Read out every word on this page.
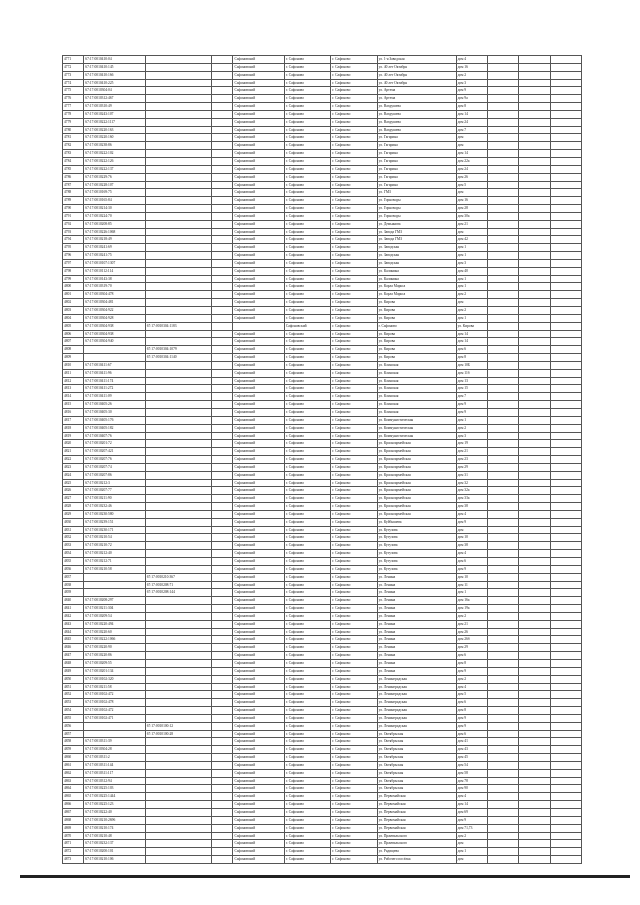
4771	67:17:0010410:04			Сафоновский	г. Сафоново	г. Сафоново	ул. 1-я Заводская	дом 4			
4772	67:17:0010410:145			Сафоновский	г. Сафоново	г. Сафоново	ул. 40 лет Октября	дом 16			
4773	67:17:0010410:166			Сафоновский	г. Сафоново	г. Сафоново	ул. 40 лет Октября	дом 2			
4774	67:17:0010410:225			Сафоновский	г. Сафоново	г. Сафоново	ул. 40 лет Октября	дом 3			
4775	67:17:0010304:04			Сафоновский	г. Сафоново	г. Сафоново	ул. Артема	дом 9			
4776	67:17:0010312:467			Сафоновский	г. Сафоново	г. Сафоново	ул. Артема	дом 9а			
4777	67:17:0010310:49			Сафоновский	г. Сафоново	г. Сафоново	ул. Вахрушева	дом 8			
4778	67:17:0010243:107			Сафоновский	г. Сафоново	г. Сафоново	ул. Вахрушева	дом 14			
4779	67:17:0010222:1117			Сафоновский	г. Сафоново	г. Сафоново	ул. Вахрушева	дом 24			
4780	67:17:0010220:163			Сафоновский	г. Сафоново	г. Сафоново	ул. Вахрушева	дом 7			
4781	67:17:0010220:160			Сафоновский	г. Сафоново	г. Сафоново	ул. Гагарина	дом			
4782	67:17:0010238:86			Сафоновский	г. Сафоново	г. Сафоново	ул. Гагарина	дом			
4783	67:17:0010222:102			Сафоновский	г. Сафоново	г. Сафоново	ул. Гагарина	дом 14			
4784	67:17:0010222:126			Сафоновский	г. Сафоново	г. Сафоново	ул. Гагарина	дом 22а			
4785	67:17:0010222:137			Сафоновский	г. Сафоново	г. Сафоново	ул. Гагарина	дом 24			
4786	67:17:0010229:76			Сафоновский	г. Сафоново	г. Сафоново	ул. Гагарина	дом 26			
4787	67:17:0010228:107			Сафоновский	г. Сафоново	г. Сафоново	ул. Гагарина	дом 5			
4788	67:17:0010169:75			Сафоновский	г. Сафоново	г. Сафоново	ул. ГМЗ	дом			
4789	67:17:0010165:84			Сафоновский	г. Сафоново	г. Сафоново	ул. Горноводы	дом 16			
4790	67:17:0010214:30			Сафоновский	г. Сафоново	г. Сафоново	ул. Горноводы	дом 28			
4791	67:17:0010224:70			Сафоновский	г. Сафоново	г. Сафоново	ул. Горноводы	дом 30а			
4792	67:17:0010208:85			Сафоновский	г. Сафоново	г. Сафоново	ул. Демьянова	дом 21			
4793	67:17:0010226:1068			Сафоновский	г. Сафоново	г. Сафоново	ул. Завода ГМЗ	дом			
4794	67:17:0010218:49			Сафоновский	г. Сафоново	г. Сафоново	ул. Завода ГМЗ	дом 42			
4795	67:17:0010241:69			Сафоновский	г. Сафоново	г. Сафоново	ул. Заводская	дом 1			
4796	67:17:0010241:75			Сафоновский	г. Сафоново	г. Сафоново	ул. Заводская	дом 1			
4797	67:17:0010107:1307			Сафоновский	г. Сафоново	г. Сафоново	ул. Заводская	дом 3			
4798	67:17:0010112:114			Сафоновский	г. Сафоново	г. Сафоново	ул. Калинина	дом 40			
4799	67:17:0010143:38			Сафоновский	г. Сафоново	г. Сафоново	ул. Калинина	дом 1			
4800	67:17:0010319:70			Сафоновский	г. Сафоново	г. Сафоново	ул. Карла Маркса	дом 1			
4801	67:17:0010304:478			Сафоновский	г. Сафоново	г. Сафоново	ул. Карла Маркса	дом 2			
4802	67:17:0010304:481			Сафоновский	г. Сафоново	г. Сафоново	ул. Кирова	дом			
4803	67:17:0010304:922			Сафоновский	г. Сафоново	г. Сафоново	ул. Кирова	дом 2			
4804	67:17:0010304:928			Сафоновский	г. Сафоново	г. Сафоново	ул. Кирова	дом 1			
4805	67:17:0010304:938	67:17:0010304:1183			Сафоновский	г. Сафоново	г. Сафоново	ул. Кирова			
4806	67:17:0010304:938			Сафоновский	г. Сафоново	г. Сафоново	ул. Кирова	дом 14			
4807	67:17:0010304:940			Сафоновский	г. Сафоново	г. Сафоново	ул. Кирова	дом 14			
4808		67:17:0010304:1079		Сафоновский	г. Сафоново	г. Сафоново	ул. Кирова	дом 6			
4809		67:17:0010304:1140		Сафоновский	г. Сафоново	г. Сафоново	ул. Кирова	дом 8			
4810	67:17:0010411:67			Сафоновский	г. Сафоново	г. Сафоново	ул. Клинская	дом 10Б			
4811	67:17:0010411:96			Сафоновский	г. Сафоново	г. Сафоново	ул. Клинская	дом 11б			
4812	67:17:0010411:174			Сафоновский	г. Сафоново	г. Сафоново	ул. Клинская	дом 13			
4813	67:17:0010411:272			Сафоновский	г. Сафоново	г. Сафоново	ул. Клинская	дом 15			
4814	67:17:0010411:09			Сафоновский	г. Сафоново	г. Сафоново	ул. Клинская	дом 7			
4815	67:17:0010405:26			Сафоновский	г. Сафоново	г. Сафоново	ул. Клинская	дом 9			
4816	67:17:0010405:30			Сафоновский	г. Сафоново	г. Сафоново	ул. Клинская	дом 9			
4817	67:17:0010405:176			Сафоновский	г. Сафоново	г. Сафоново	ул. Коммунистическая	дом 1			
4818	67:17:0010405:182			Сафоновский	г. Сафоново	г. Сафоново	ул. Коммунистическая	дом 2			
4819	67:17:0010407:76			Сафоновский	г. Сафоново	г. Сафоново	ул. Коммунистическая	дом 3			
4820	67:17:0010201:72			Сафоновский	г. Сафоново	г. Сафоново	ул. Красноармейская	дом 19			
4821	67:17:0010207:421			Сафоновский	г. Сафоново	г. Сафоново	ул. Красноармейская	дом 21			
4822	67:17:0010207:76			Сафоновский	г. Сафоново	г. Сафоново	ул. Красноармейская	дом 23			
4823	67:17:0010207:74			Сафоновский	г. Сафоново	г. Сафоново	ул. Красноармейская	дом 29			
4824	67:17:0010207:86			Сафоновский	г. Сафоново	г. Сафоново	ул. Красноармейская	дом 31			
4825	67:17:0010212:3			Сафоновский	г. Сафоново	г. Сафоново	ул. Красноармейская	дом 32			
4826	67:17:0010207:77			Сафоновский	г. Сафоново	г. Сафоново	ул. Красноармейская	дом 32а			
4827	67:17:0010211:90			Сафоновский	г. Сафоново	г. Сафоново	ул. Красноармейская	дом 33а			
4828	67:17:0010232:46			Сафоновский	г. Сафоново	г. Сафоново	ул. Красноармейская	дом 38			
4829	67:17:0010230:580			Сафоновский	г. Сафоново	г. Сафоново	ул. Красноармейская	дом 4			
4830	67:17:0010239:151			Сафоновский	г. Сафоново	г. Сафоново	ул. Куйбышева	дом 9			
4831	67:17:0010230:171			Сафоновский	г. Сафоново	г. Сафоново	ул. Кутузова	дом			
4832	67:17:0010210:54			Сафоновский	г. Сафоново	г. Сафоново	ул. Кутузова	дом 10			
4833	67:17:0010210:72			Сафоновский	г. Сафоново	г. Сафоново	ул. Кутузова	дом 38			
4834	67:17:0010212:40			Сафоновский	г. Сафоново	г. Сафоново	ул. Кутузова	дом 4			
4835	67:17:0010212:71			Сафоновский	г. Сафоново	г. Сафоново	ул. Кутузова	дом 6			
4836	67:17:0010210:58			Сафоновский	г. Сафоново	г. Сафоново	ул. Кутузова	дом 9			
4837		67:17:0010210:367		Сафоновский	г. Сафоново	г. Сафоново	ул. Ленина	дом 10			
4838		67:17:0010208:71		Сафоновский	г. Сафоново	г. Сафоново	ул. Ленина	дом 11			
4839		67:17:0010208:144		Сафоновский	г. Сафоново	г. Сафоново	ул. Ленина	дом 1			
4840	67:17:0010208:297			Сафоновский	г. Сафоново	г. Сафоново	ул. Ленина	дом 16а			
4841	67:17:0010211:304			Сафоновский	г. Сафоново	г. Сафоново	ул. Ленина	дом 19а			
4842	67:17:0010209:54			Сафоновский	г. Сафоново	г. Сафоново	ул. Ленина	дом 2			
4843	67:17:0010220:494			Сафоновский	г. Сафоново	г. Сафоново	ул. Ленина	дом 21			
4844	67:17:0010220:60			Сафоновский	г. Сафоново	г. Сафоново	ул. Ленина	дом 26			
4845	67:17:0010222:1066			Сафоновский	г. Сафоново	г. Сафоново	ул. Ленина	дом 26б			
4846	67:17:0010220:90			Сафоновский	г. Сафоново	г. Сафоново	ул. Ленина	дом 29			
4847	67:17:0010220:86			Сафоновский	г. Сафоново	г. Сафоново	ул. Ленина	дом 6			
4848	67:17:0010209:55			Сафоновский	г. Сафоново	г. Сафоново	ул. Ленина	дом 8			
4849	67:17:0010201:134			Сафоновский	г. Сафоново	г. Сафоново	ул. Ленина	дом 9			
4850	67:17:0010102:320			Сафоновский	г. Сафоново	г. Сафоново	ул. Ленинградская	дом 2			
4851	67:17:0010211:58			Сафоновский	г. Сафоново	г. Сафоново	ул. Ленинградская	дом 4			
4852	67:17:0010102:472			Сафоновский	г. Сафоново	г. Сафоново	ул. Ленинградская	дом 5			
4853	67:17:0010102:478			Сафоновский	г. Сафоново	г. Сафоново	ул. Ленинградская	дом 6			
4854	67:17:0010102:472			Сафоновский	г. Сафоново	г. Сафоново	ул. Ленинградская	дом 8			
4855	67:17:0010102:471			Сафоновский	г. Сафоново	г. Сафоново	ул. Ленинградская	дом 9			
4856		67:17:0010100:12		Сафоновский	г. Сафоново	г. Сафоново	ул. Ленинградская	дом 9			
4857		67:17:0010100:28		Сафоновский	г. Сафоново	г. Сафоново	ул. Октябрьская	дом 6			
4858	67:17:0010311:39			Сафоновский	г. Сафоново	г. Сафоново	ул. Октябрьская	дом 41			
4859	67:17:0010304:28			Сафоновский	г. Сафоново	г. Сафоново	ул. Октябрьская	дом 43			
4860	67:17:0010311:2			Сафоновский	г. Сафоново	г. Сафоново	ул. Октябрьская	дом 45			
4861	67:17:0010311:144			Сафоновский	г. Сафоново	г. Сафоново	ул. Октябрьская	дом 54			
4862	67:17:0010311:117			Сафоновский	г. Сафоново	г. Сафоново	ул. Октябрьская	дом 58			
4863	67:17:0010312:94			Сафоновский	г. Сафоново	г. Сафоново	ул. Октябрьская	дом 78			
4864	67:17:0010225:103			Сафоновский	г. Сафоново	г. Сафоново	ул. Октябрьская	дом 90			
4865	67:17:0010225:1444			Сафоновский	г. Сафоново	г. Сафоново	ул. Первомайская	дом 4			
4866	67:17:0010225:123			Сафоновский	г. Сафоново	г. Сафоново	ул. Первомайская	дом 14			
4867	67:17:0010222:40			Сафоновский	г. Сафоново	г. Сафоново	ул. Первомайская	дом 69			
4868	67:17:0010210:2696			Сафоновский	г. Сафоново	г. Сафоново	ул. Первомайская	дом 9			
4869	67:17:0010210:174			Сафоновский	г. Сафоново	г. Сафоново	ул. Первомайская	дом 71,73			
4870	67:17:0010210:48			Сафоновский	г. Сафоново	г. Сафоново	ул. Пржевальского	дом 2			
4871	67:17:0010232:137			Сафоновский	г. Сафоново	г. Сафоново	ул. Пржевальского	дом			
4872	67:17:0010200:101			Сафоновский	г. Сафоново	г. Сафоново	ул. Радищева	дом 1			
4873	67:17:0010210:106			Сафоновский	г. Сафоново	г. Сафоново	ул. Рабочего посёлка	дом			
